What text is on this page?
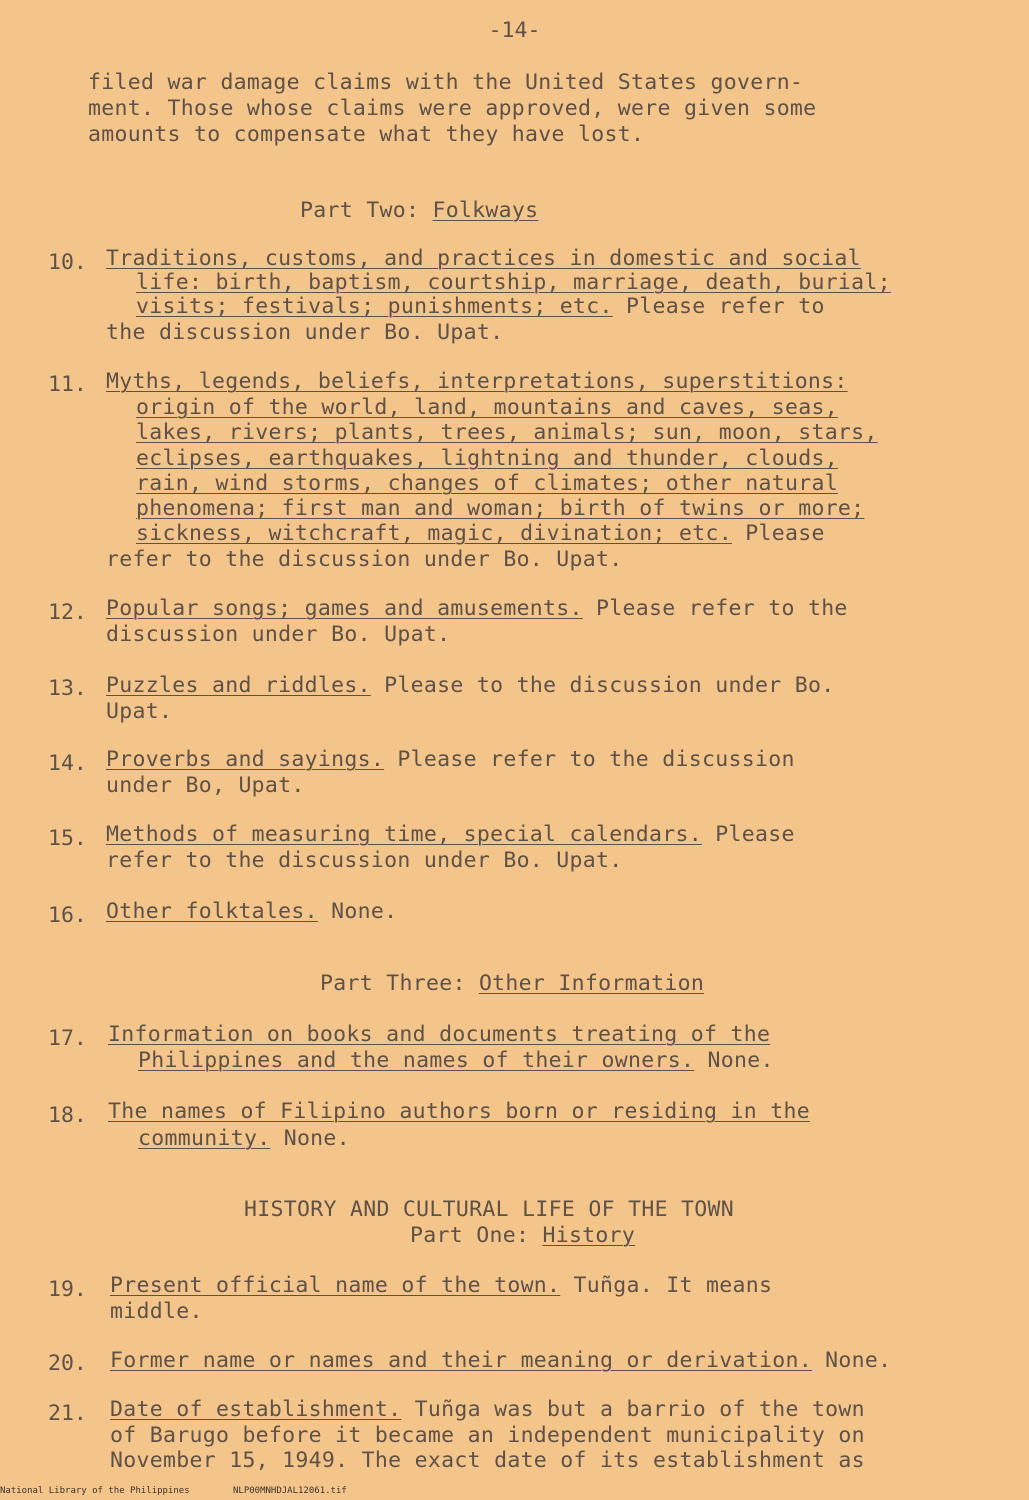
-14-
filed war damage claims with the United States govern-
ment. Those whose claims were approved, were given some
amounts to compensate what they have lost.
Part Two: Folkways
10. Traditions, customs, and practices in domestic and social
life: birth, baptism, courtship, marriage, death, burial;
visits; festivals; punishments; etc. Please refer to
the discussion under Bo. Upat.
11. Myths, legends, beliefs, interpretations, superstitions:
origin of the world, land, mountains and caves, seas,
lakes, rivers; plants, trees, animals; sun, moon, stars,
eclipses, earthquakes, lightning and thunder, clouds,
rain, wind storms, changes of climates; other natural
phenomena; first man and woman; birth of twins or more;
sickness, witchcraft, magic, divination; etc. Please
refer to the discussion under Bo. Upat.
12. Popular songs; games and amusements. Please refer to the
discussion under Bo. Upat.
13. Puzzles and riddles. Please to the discussion under Bo.
Upat.
14. Proverbs and sayings. Please refer to the discussion
under Bo, Upat.
15. Methods of measuring time, special calendars. Please
refer to the discussion under Bo. Upat.
16. Other folktales. None.
Part Three: Other Information
17. Information on books and documents treating of the
Philippines and the names of their owners. None.
18. The names of Filipino authors born or residing in the
community. None.
HISTORY AND CULTURAL LIFE OF THE TOWN
Part One: History
19. Present official name of the town. Tuñga. It means
middle.
20. Former name or names and their meaning or derivation. None.
21. Date of establishment. Tuñga was but a barrio of the town
of Barugo before it became an independent municipality on
November 15, 1949. The exact date of its establishment as
National Library of the Philippines        NLP00MNHDJAL12061.tif
